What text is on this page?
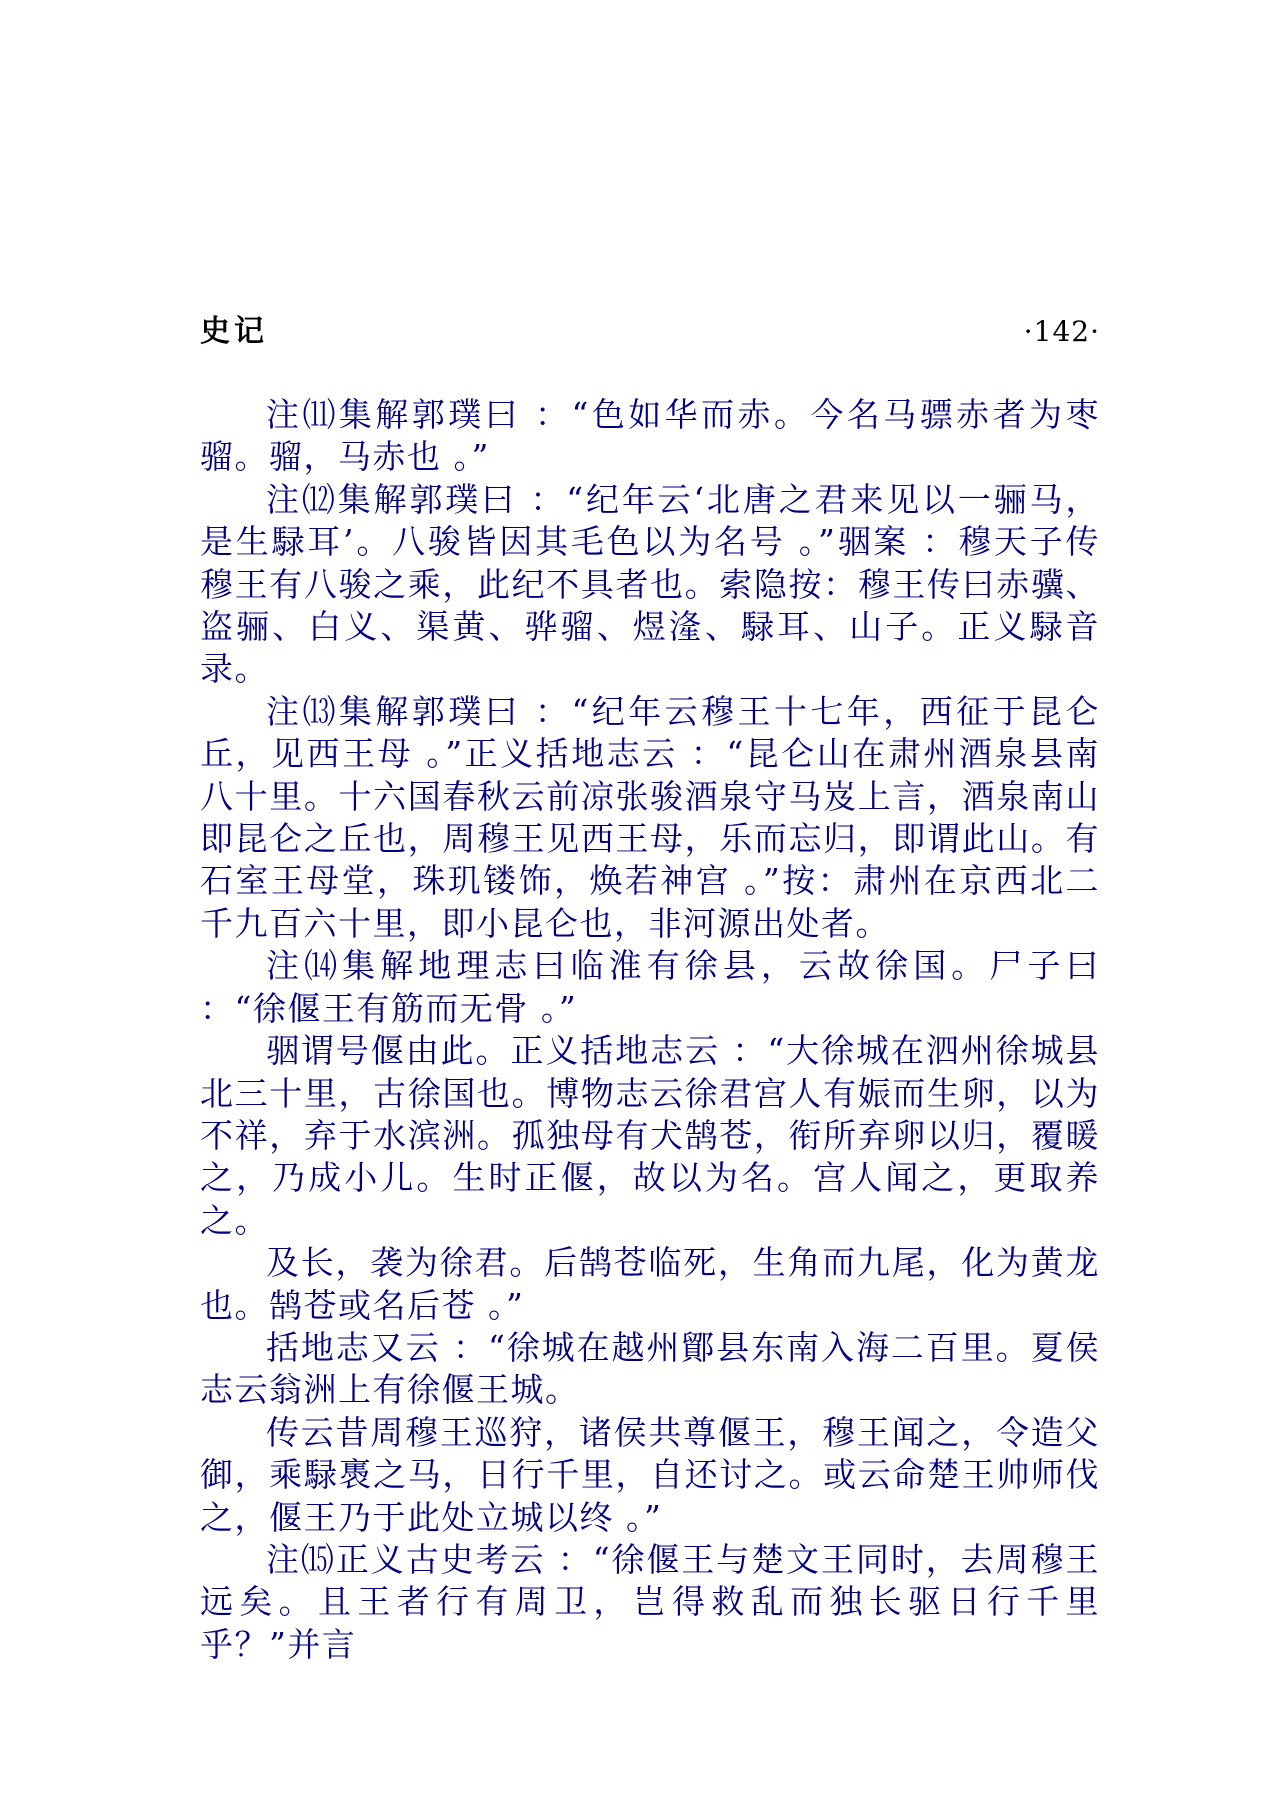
史记	·142·

注⑾集解郭璞曰 ：“色如华而赤。今名马骠赤者为枣骝。骝，马赤也 。”

注⑿集解郭璞曰 ：“纪年云‘北唐之君来见以一骊马，是生騄耳’。八骏皆因其毛色以为名号 。”骃案 ：穆天子传穆王有八骏之乘，此纪不具者也。索隐按：穆王传曰赤骥、盗骊、白义、渠黄、骅骝、煜湰、騄耳、山子。正义騄音录。

注⒀集解郭璞曰 ：“纪年云穆王十七年，西征于昆仑丘，见西王母 。”正义括地志云 ：“昆仑山在肃州酒泉县南八十里。十六国春秋云前凉张骏酒泉守马岌上言，酒泉南山即昆仑之丘也，周穆王见西王母，乐而忘归，即谓此山。有石室王母堂，珠玑镂饰，焕若神宫 。”按：肃州在京西北二千九百六十里，即小昆仑也，非河源出处者。

注⒁集解地理志曰临淮有徐县，云故徐国。尸子曰 ：“徐偃王有筋而无骨 。”

骃谓号偃由此。正义括地志云 ：“大徐城在泗州徐城县北三十里，古徐国也。博物志云徐君宫人有娠而生卵，以为不祥，弃于水滨洲。孤独母有犬鹄苍，衔所弃卵以归，覆暖之，乃成小儿。生时正偃，故以为名。宫人闻之，更取养之。

及长，袭为徐君。后鹄苍临死，生角而九尾，化为黄龙也。鹄苍或名后苍 。”

括地志又云 ：“徐城在越州鄮县东南入海二百里。夏侯志云翁洲上有徐偃王城。

传云昔周穆王巡狩，诸侯共尊偃王，穆王闻之，令造父御，乘騄褭之马，日行千里，自还讨之。或云命楚王帅师伐之，偃王乃于此处立城以终 。”

注⒂正义古史考云 ：“徐偃王与楚文王同时，去周穆王远矣。且王者行有周卫，岂得救乱而独长驱日行千里乎？”并言
